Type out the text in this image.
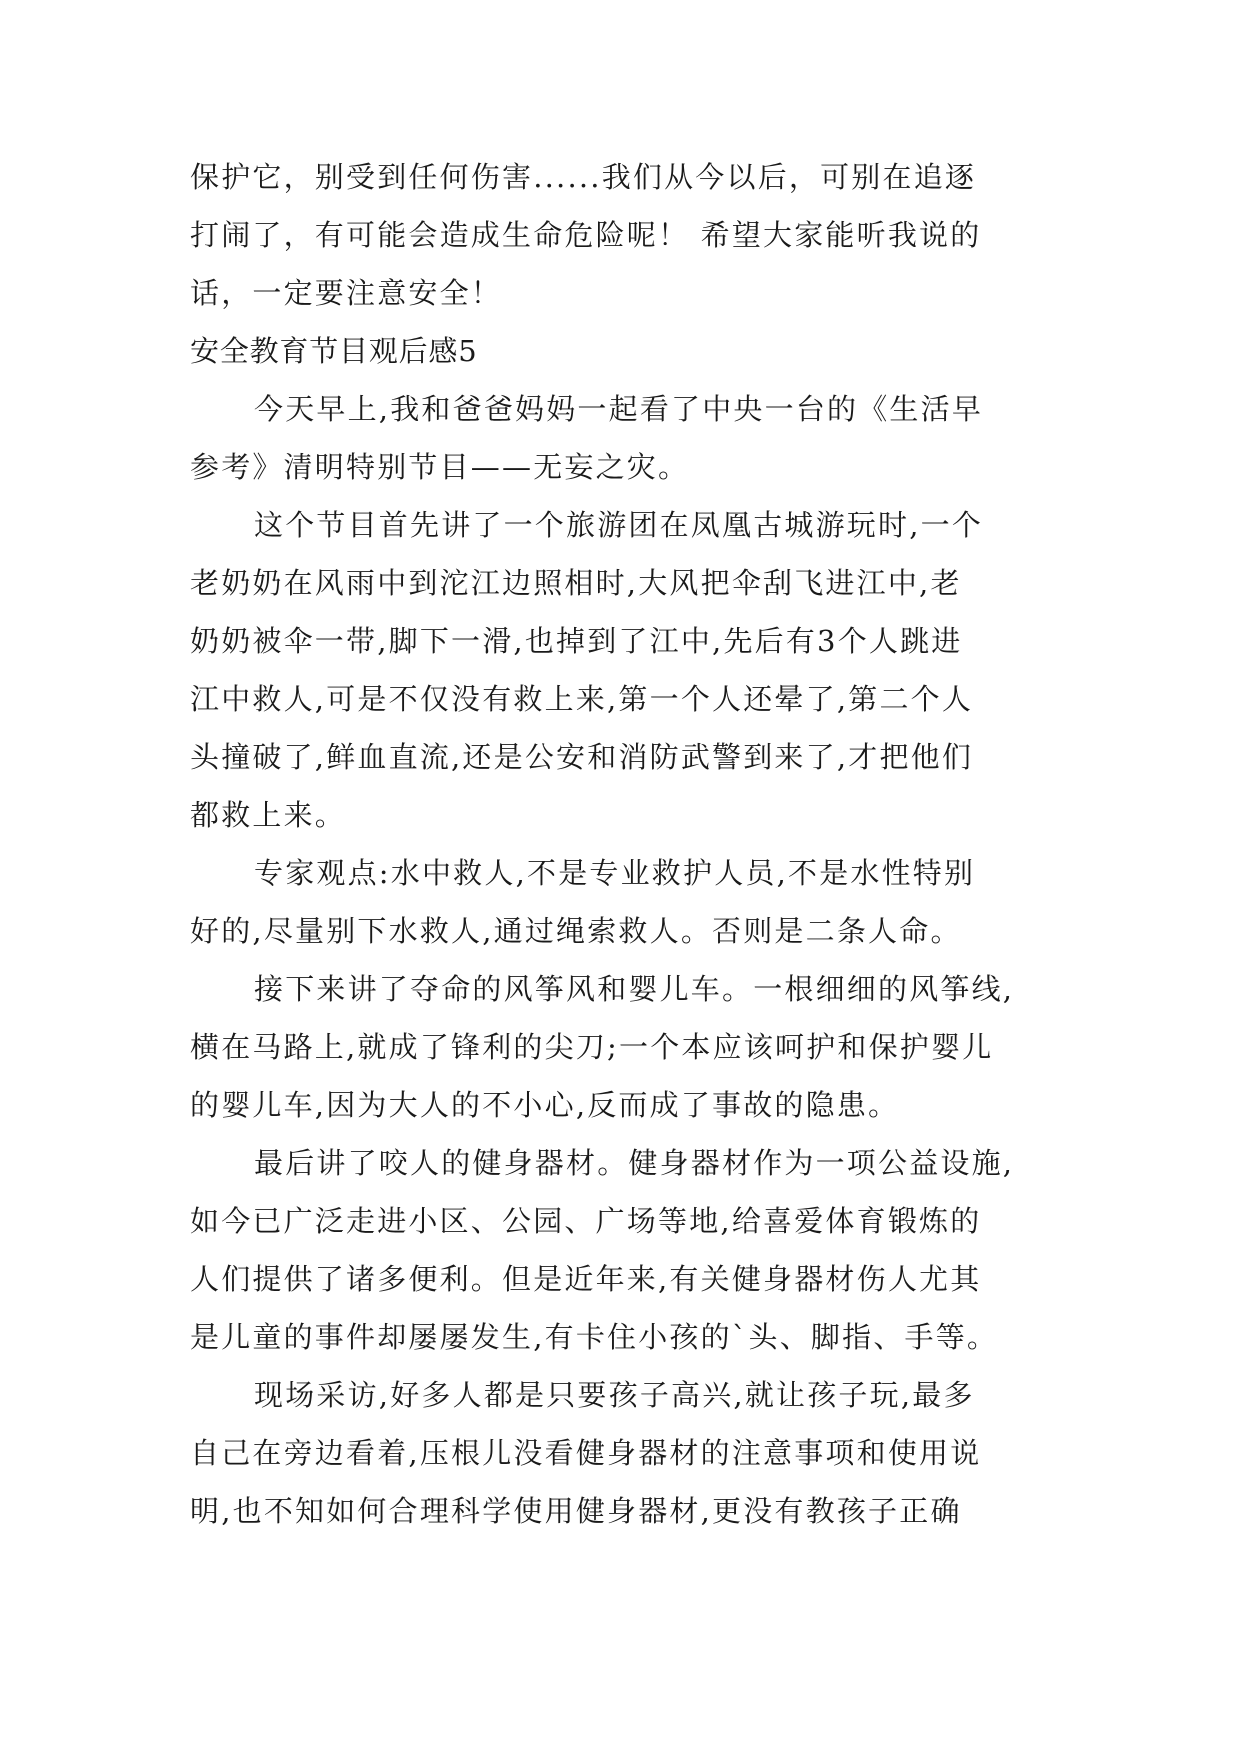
保护它，别受到任何伤害......我们从今以后，可别在追逐

打闹了，有可能会造成生命危险呢！ 希望大家能听我说的

话，一定要注意安全！

安全教育节目观后感5

今天早上,我和爸爸妈妈一起看了中央一台的《生活早

参考》清明特别节目——无妄之灾。

这个节目首先讲了一个旅游团在凤凰古城游玩时,一个

老奶奶在风雨中到沱江边照相时,大风把伞刮飞进江中,老

奶奶被伞一带,脚下一滑,也掉到了江中,先后有3个人跳进

江中救人,可是不仅没有救上来,第一个人还晕了,第二个人

头撞破了,鲜血直流,还是公安和消防武警到来了,才把他们

都救上来。

专家观点:水中救人,不是专业救护人员,不是水性特别

好的,尽量别下水救人,通过绳索救人。否则是二条人命。

接下来讲了夺命的风筝风和婴儿车。一根细细的风筝线,

横在马路上,就成了锋利的尖刀;一个本应该呵护和保护婴儿

的婴儿车,因为大人的不小心,反而成了事故的隐患。

最后讲了咬人的健身器材。健身器材作为一项公益设施,

如今已广泛走进小区、公园、广场等地,给喜爱体育锻炼的

人们提供了诸多便利。但是近年来,有关健身器材伤人尤其

是儿童的事件却屡屡发生,有卡住小孩的`头、脚指、手等。

现场采访,好多人都是只要孩子高兴,就让孩子玩,最多

自己在旁边看着,压根儿没看健身器材的注意事项和使用说

明,也不知如何合理科学使用健身器材,更没有教孩子正确
